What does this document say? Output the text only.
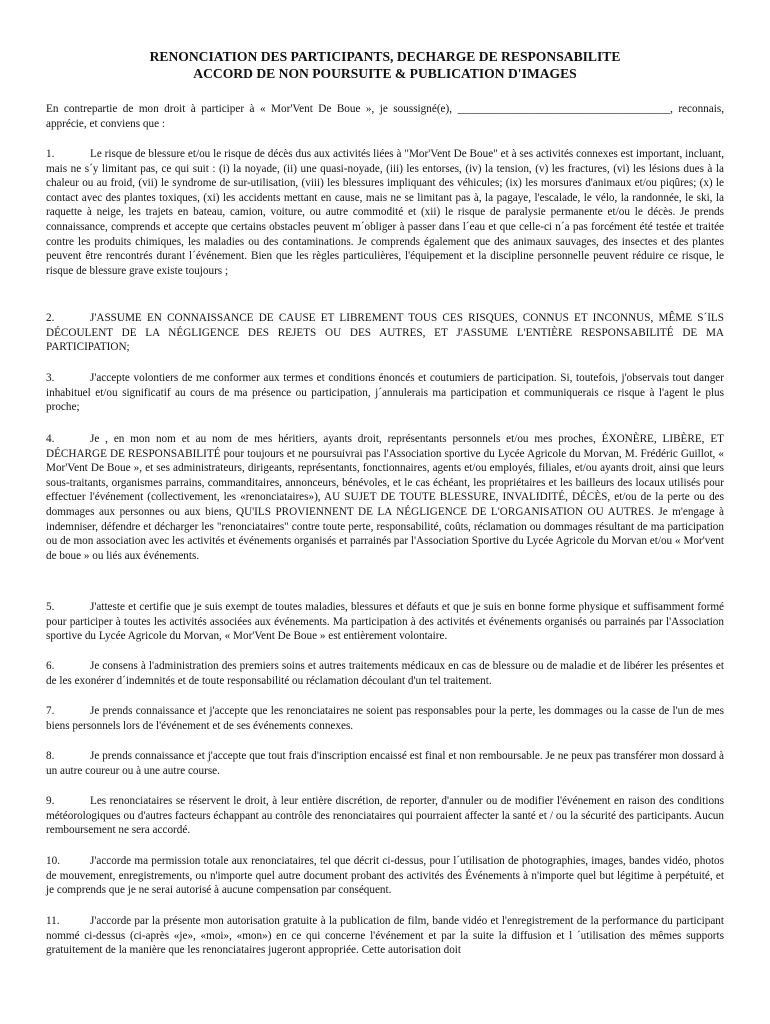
RENONCIATION DES PARTICIPANTS, DECHARGE DE RESPONSABILITE
ACCORD DE NON POURSUITE & PUBLICATION D'IMAGES
En contrepartie de mon droit à participer à « Mor'Vent De Boue », je soussigné(e), ______________________________________, reconnais, apprécie, et conviens que :
1.	Le risque de blessure et/ou le risque de décès dus aux activités liées à "Mor'Vent De Boue" et à ses activités connexes est important, incluant, mais ne s´y limitant pas, ce qui suit : (i) la noyade, (ii) une quasi-noyade, (iii) les entorses, (iv) la tension, (v) les fractures, (vi) les lésions dues à la chaleur ou au froid, (vii) le syndrome de sur-utilisation, (viii) les blessures impliquant des véhicules; (ix) les morsures d'animaux et/ou piqûres; (x) le contact avec des plantes toxiques, (xi) les accidents mettant en cause, mais ne se limitant pas à, la pagaye, l'escalade, le vélo, la randonnée, le ski, la raquette à neige, les trajets en bateau, camion, voiture, ou autre commodité et (xii) le risque de paralysie permanente et/ou le décès. Je prends connaissance, comprends et accepte que certains obstacles peuvent m´obliger à passer dans l´eau et que celle-ci n´a pas forcément été testée et traitée contre les produits chimiques, les maladies ou des contaminations. Je comprends également que des animaux sauvages, des insectes et des plantes peuvent être rencontrés durant l´événement. Bien que les règles particulières, l'équipement et la discipline personnelle peuvent réduire ce risque, le risque de blessure grave existe toujours ;
2.	J'ASSUME EN CONNAISSANCE DE CAUSE ET LIBREMENT TOUS CES RISQUES, CONNUS ET INCONNUS, MÊME S´ILS DÉCOULENT DE LA NÉGLIGENCE DES REJETS OU DES AUTRES, ET J'ASSUME L'ENTIÈRE RESPONSABILITÉ DE MA PARTICIPATION;
3.	J'accepte volontiers de me conformer aux termes et conditions énoncés et coutumiers de participation. Si, toutefois, j'observais tout danger inhabituel et/ou significatif au cours de ma présence ou participation, j´annulerais ma participation et communiquerais ce risque à l'agent le plus proche;
4.	Je , en mon nom et au nom de mes héritiers, ayants droit, représentants personnels et/ou mes proches, ÉXONÈRE, LIBÈRE, ET DÉCHARGE DE RESPONSABILITÉ pour toujours et ne poursuivrai pas l'Association sportive du Lycée Agricole du Morvan, M. Frédéric Guillot, « Mor'Vent De Boue », et ses administrateurs, dirigeants, représentants, fonctionnaires, agents et/ou employés, filiales, et/ou ayants droit, ainsi que leurs sous-traitants, organismes parrains, commanditaires, annonceurs, bénévoles, et le cas échéant, les propriétaires et les bailleurs des locaux utilisés pour effectuer l'événement (collectivement, les «renonciataires»), AU SUJET DE TOUTE BLESSURE, INVALIDITÉ, DÉCÈS, et/ou de la perte ou des dommages aux personnes ou aux biens, QU'ILS PROVIENNENT DE LA NÉGLIGENCE DE L'ORGANISATION OU AUTRES. Je m'engage à indemniser, défendre et décharger les "renonciataires" contre toute perte, responsabilité, coûts, réclamation ou dommages résultant de ma participation ou de mon association avec les activités et événements organisés et parrainés par l'Association Sportive du Lycée Agricole du Morvan et/ou « Mor'vent de boue » ou liés aux événements.
5.	J'atteste et certifie que je suis exempt de toutes maladies, blessures et défauts et que je suis en bonne forme physique et suffisamment formé pour participer à toutes les activités associées aux événements. Ma participation à des activités et événements organisés ou parrainés par l'Association sportive du Lycée Agricole du Morvan, « Mor'Vent De Boue » est entièrement volontaire.
6.	Je consens à l'administration des premiers soins et autres traitements médicaux en cas de blessure ou de maladie et de libérer les présentes et de les exonérer d´indemnités et de toute responsabilité ou réclamation découlant d'un tel traitement.
7.	Je prends connaissance et j'accepte que les renonciataires ne soient pas responsables pour la perte, les dommages ou la casse de l'un de mes biens personnels lors de l'événement et de ses événements connexes.
8.	Je prends connaissance et j'accepte que tout frais d'inscription encaissé est final et non remboursable. Je ne peux pas transférer mon dossard à un autre coureur ou à une autre course.
9.	Les renonciataires se réservent le droit, à leur entière discrétion, de reporter, d'annuler ou de modifier l'événement en raison des conditions météorologiques ou d'autres facteurs échappant au contrôle des renonciataires qui pourraient affecter la santé et / ou la sécurité des participants. Aucun remboursement ne sera accordé.
10.	J'accorde ma permission totale aux renonciataires, tel que décrit ci-dessus, pour l´utilisation de photographies, images, bandes vidéo, photos de mouvement, enregistrements, ou n'importe quel autre document probant des activités des Événements à n'importe quel but légitime à perpétuité, et je comprends que je ne serai autorisé à aucune compensation par conséquent.
11.	J'accorde par la présente mon autorisation gratuite à la publication de film, bande vidéo et l'enregistrement de la performance du participant nommé ci-dessus (ci-après «je», «moi», «mon») en ce qui concerne l'événement et par la suite la diffusion et l ´utilisation des mêmes supports gratuitement de la manière que les renonciataires jugeront appropriée. Cette autorisation doit
